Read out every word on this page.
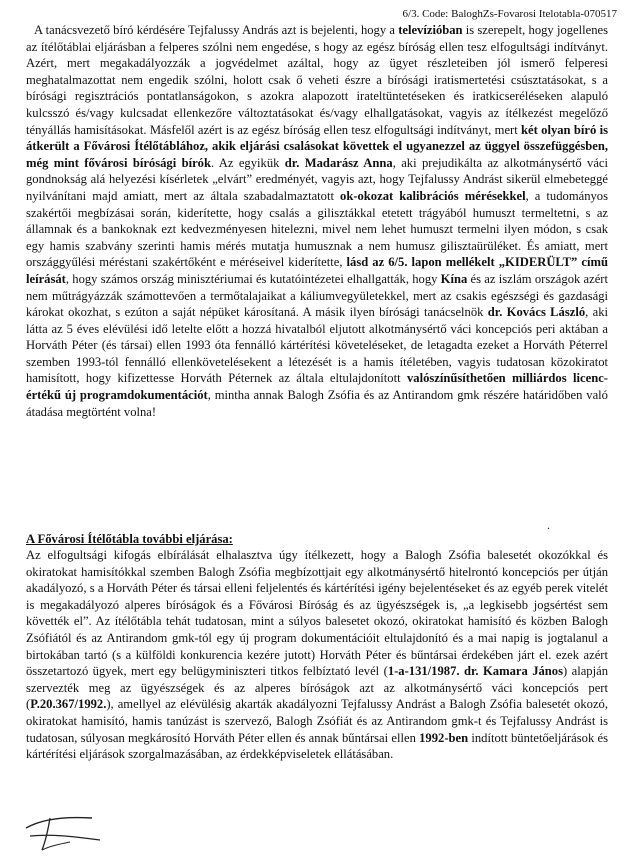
6/3. Code: BaloghZs-Fovarosi Itelotabla-070517

A tanácsvezető bíró kérdésére Tejfalussy András azt is bejelenti, hogy a televízióban is szerepelt, hogy jogellenes az ítélőtáblai eljárásban a felperes szólni nem engedése, s hogy az egész bíróság ellen tesz elfogultsági indítványt. Azért, mert megakadályozzák a jogvédelmet azáltal, hogy az ügyet részleteiben jól ismerő felperesi meghatalmazottat nem engedik szólni, holott csak ő veheti észre a bírósági iratismertetési csúsztatásokat, s a bírósági regisztrációs pontatlanságokon, s azokra alapozott irateltüntetéseken és iratkicseréléseken alapuló kulcsszó és/vagy kulcsadat ellenkezőre változtatásokat és/vagy elhallgatásokat, vagyis az ítélkezést megelőző tényállás hamisításokat. Másfelől azért is az egész bíróság ellen tesz elfogultsági indítványt, mert két olyan bíró is átkerült a Fővárosi Ítélőtáblához, akik eljárási csalásokat követtek el ugyanezzel az üggyel összefüggésben, még mint fővárosi bírósági bírók. Az egyikük dr. Madarász Anna, aki prejudikálta az alkotmánysértő váci gondnokság alá helyezési kísérletek „elvárt” eredményét, vagyis azt, hogy Tejfalussy Andrást sikerül elmebeteggé nyilvánítani majd amiatt, mert az általa szabadalmaztatott ok-okozat kalibrációs mérésekkel, a tudományos szakértői megbízásai során, kiderítette, hogy csalás a gilisztákkal etetett trágyából humuszt termeltetni, s az államnak és a bankoknak ezt kedvezményesen hitelezni, mivel nem lehet humuszt termelni ilyen módon, s csak egy hamis szabvány szerinti hamis mérés mutatja humusznak a nem humusz gilisztaürüléket. És amiatt, mert országgyűlési méréstani szakértőként e méréseivel kiderítette, lásd az 6/5. lapon mellékelt „KIDERÜLT” című leírását, hogy számos ország minisztériumai és kutatóintézetei elhallgatták, hogy Kína és az iszlám országok azért nem műtrágyázzák számottevően a termőtalajaikat a káliumvegyületekkel, mert az csakis egészségi és gazdasági károkat okozhat, s ezúton a saját népüket károsítaná. A másik ilyen bírósági tanácselnök dr. Kovács László, aki látta az 5 éves elévülési idő letelte előtt a hozzá hivatalból eljutott alkotmánysértő váci koncepciós peri aktában a Horváth Péter (és társai) ellen 1993 óta fennálló kártérítési követeléseket, de letagadta ezeket a Horváth Péterrel szemben 1993-tól fennálló ellenkövetelésekent a létezését is a hamis ítéletében, vagyis tudatosan közokiratot hamisított, hogy kifizettesse Horváth Péternek az általa eltulajdonított valószínűsíthetően milliárdos licenc-értékű új programdokumentációt, mintha annak Balogh Zsófia és az Antirandom gmk részére határidőben való átadása megtörtént volna!

.
A Fővárosi Ítélőtábla további eljárása:
Az elfogultsági kifogás elbírálását elhalasztva úgy ítélkezett, hogy a Balogh Zsófia balesetét okozókkal és okiratokat hamisítókkal szemben Balogh Zsófia megbízottjait egy alkotmánysértő hitelrontó koncepciós per útján akadályozó, s a Horváth Péter és társai elleni feljelentés és kártérítési igény bejelentéseket és az egyéb perek vitelét is megakadályozó alperes bíróságok és a Fővárosi Bíróság és az ügyészségek is, „a legkisebb jogsértést sem követték el”. Az ítélőtábla tehát tudatosan, mint a súlyos balesetet okozó, okiratokat hamisító és közben Balogh Zsófiától és az Antirandom gmk-tól egy új program dokumentációit eltulajdonító és a mai napig is jogtalanul a birtokában tartó (s a külföldi konkurencia kezére jutott) Horváth Péter és bűntársai érdekében járt el. ezek azért összetartozó ügyek, mert egy belügyminiszteri titkos felbíztató levél (1-a-131/1987. dr. Kamara János) alapján szervezték meg az ügyészségek és az alperes bíróságok azt az alkotmánysértő váci koncepciós pert (P.20.367/1992.), amellyel az elévülésig akarták akadályozni Tejfalussy Andrást a Balogh Zsófia balesetét okozó, okiratokat hamisító, hamis tanúzást is szervező, Balogh Zsófiát és az Antirandom gmk-t és Tejfalussy Andrást is tudatosan, súlyosan megkárosító Horváth Péter ellen és annak bűntársai ellen 1992-ben indított büntetőeljárások és kártérítési eljárások szorgalmazásában, az érdekképviseletek ellátásában.
